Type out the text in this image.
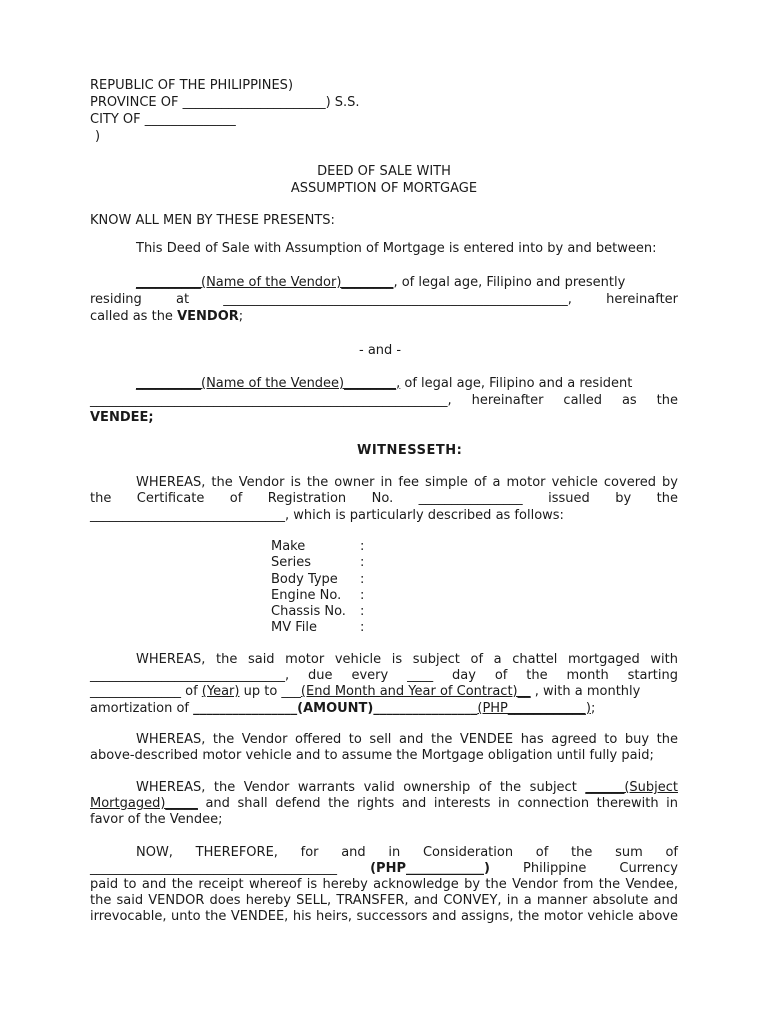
REPUBLIC OF THE PHILIPPINES)
PROVINCE OF ______________________) S.S.
CITY OF ______________
)
DEED OF SALE WITH
ASSUMPTION OF MORTGAGE
KNOW ALL MEN BY THESE PRESENTS:
This Deed of Sale with Assumption of Mortgage is entered into by and between:
__________(Name of the Vendor)________, of legal age, Filipino and presently
residing at	_____________________________________________________,	hereinafter
called as the VENDOR;
- and -
__________(Name of the Vendee)________, of legal age, Filipino and a resident
_______________________________________________________, hereinafter called as the
VENDEE;
WITNESSETH:
WHEREAS, the Vendor is the owner in fee simple of a motor vehicle covered by
the Certificate of Registration No. ________________ issued by the
______________________________, which is particularly described as follows:
Make	:
Series	:
Body Type :
Engine No. :
Chassis No. :
MV File	:
WHEREAS, the said motor vehicle is subject of a chattel mortgaged with
______________________________, due every ____ day of the month starting
______________ of (Year) up to ___(End Month and Year of Contract)__ , with a monthly
amortization of ________________(AMOUNT)________________(PHP____________);
WHEREAS, the Vendor offered to sell and the VENDEE has agreed to buy the
above-described motor vehicle and to assume the Mortgage obligation until fully paid;
WHEREAS, the Vendor warrants valid ownership of the subject ______(Subject
Mortgaged)_____ and shall defend the rights and interests in connection therewith in
favor of the Vendee;
NOW, THEREFORE, for and in Consideration of the sum of
______________________________________ (PHP____________) Philippine Currency
paid to and the receipt whereof is hereby acknowledge by the Vendor from the Vendee,
the said VENDOR does hereby SELL, TRANSFER, and CONVEY, in a manner absolute and
irrevocable, unto the VENDEE, his heirs, successors and assigns, the motor vehicle above
